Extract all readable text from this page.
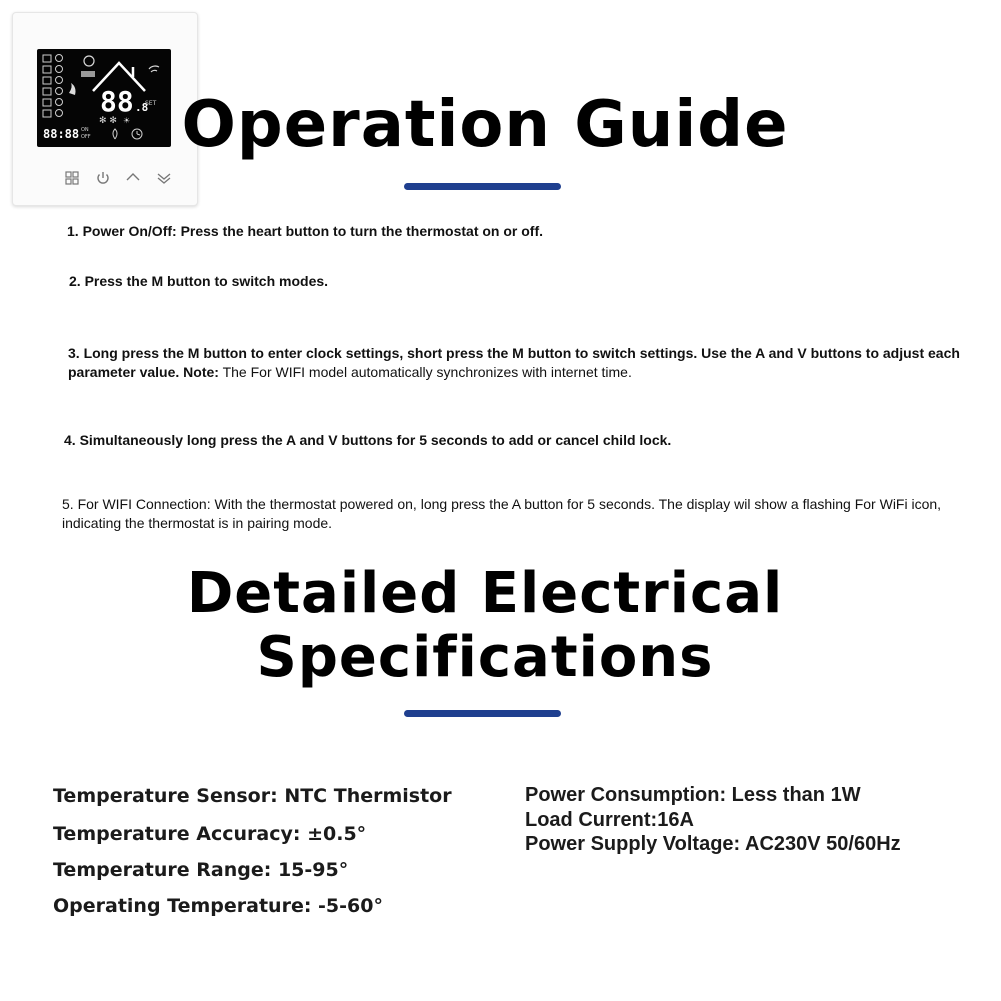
88 .8
SET
✻ ✻ ☀
88:88 ON
OFF	Operation Guide
1. Power On/Off: Press the heart button to turn the thermostat on or off.
2. Press the M button to switch modes.
3. Long press the M button to enter clock settings, short press the M button to switch settings. Use the A and V buttons to adjust each parameter value. Note: The For WIFI model automatically synchronizes with internet time.
4. Simultaneously long press the A and V buttons for 5 seconds to add or cancel child lock.
5. For WIFI Connection: With the thermostat powered on, long press the A button for 5 seconds. The display wil show a flashing For WiFi icon, indicating the thermostat is in pairing mode.
Detailed Electrical
Specifications
Temperature Sensor: NTC Thermistor
Temperature Accuracy: ±0.5°
Temperature Range: 15-95°
Operating Temperature: -5-60°
Power Consumption: Less than 1W
Load Current:16A
Power Supply Voltage: AC230V 50/60Hz
